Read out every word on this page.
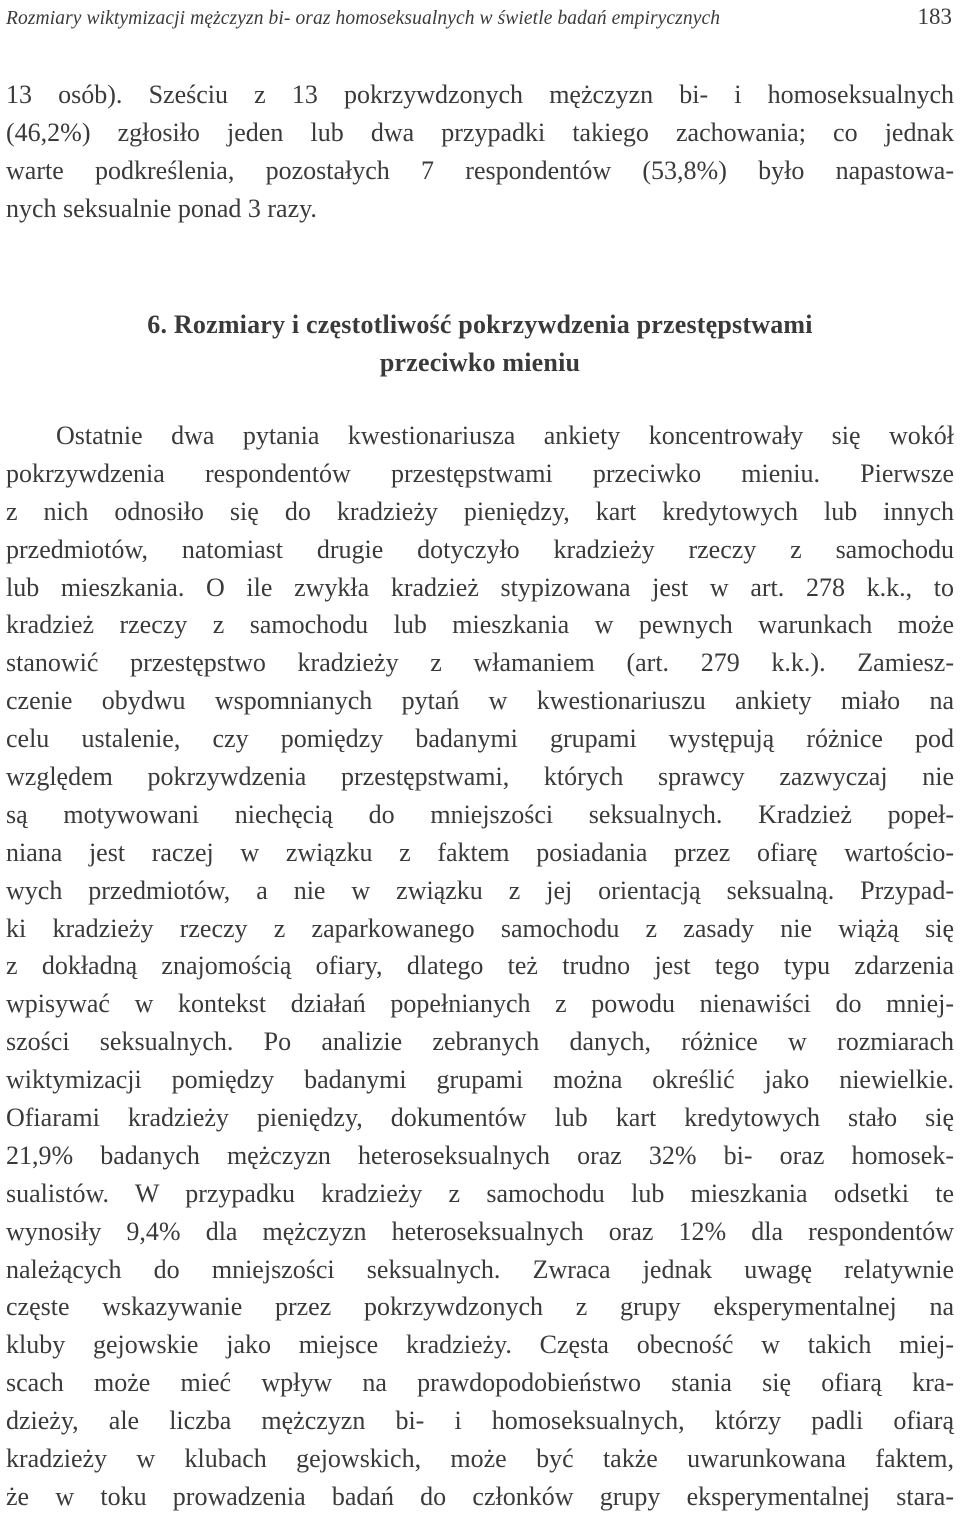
Rozmiary wiktymizacji mężczyzn bi- oraz homoseksualnych w świetle badań empirycznych	183
13 osób). Sześciu z 13 pokrzywdzonych mężczyzn bi- i homoseksualnych
(46,2%) zgłosiło jeden lub dwa przypadki takiego zachowania; co jednak
warte podkreślenia, pozostałych 7 respondentów (53,8%) było napastowa-
nych seksualnie ponad 3 razy.
6. Rozmiary i częstotliwość pokrzywdzenia przestępstwami
przeciwko mieniu
Ostatnie dwa pytania kwestionariusza ankiety koncentrowały się wokół
pokrzywdzenia respondentów przestępstwami przeciwko mieniu. Pierwsze
z nich odnosiło się do kradzieży pieniędzy, kart kredytowych lub innych
przedmiotów, natomiast drugie dotyczyło kradzieży rzeczy z samochodu
lub mieszkania. O ile zwykła kradzież stypizowana jest w art. 278 k.k., to
kradzież rzeczy z samochodu lub mieszkania w pewnych warunkach może
stanowić przestępstwo kradzieży z włamaniem (art. 279 k.k.). Zamiesz-
czenie obydwu wspomnianych pytań w kwestionariuszu ankiety miało na
celu ustalenie, czy pomiędzy badanymi grupami występują różnice pod
względem pokrzywdzenia przestępstwami, których sprawcy zazwyczaj nie
są motywowani niechęcią do mniejszości seksualnych. Kradzież popeł-
niana jest raczej w związku z faktem posiadania przez ofiarę wartościo-
wych przedmiotów, a nie w związku z jej orientacją seksualną. Przypad-
ki kradzieży rzeczy z zaparkowanego samochodu z zasady nie wiążą się
z dokładną znajomością ofiary, dlatego też trudno jest tego typu zdarzenia
wpisywać w kontekst działań popełnianych z powodu nienawiści do mniej-
szości seksualnych. Po analizie zebranych danych, różnice w rozmiarach
wiktymizacji pomiędzy badanymi grupami można określić jako niewielkie.
Ofiarami kradzieży pieniędzy, dokumentów lub kart kredytowych stało się
21,9% badanych mężczyzn heteroseksualnych oraz 32% bi- oraz homosek-
sualistów. W przypadku kradzieży z samochodu lub mieszkania odsetki te
wynosiły 9,4% dla mężczyzn heteroseksualnych oraz 12% dla respondentów
należących do mniejszości seksualnych. Zwraca jednak uwagę relatywnie
częste wskazywanie przez pokrzywdzonych z grupy eksperymentalnej na
kluby gejowskie jako miejsce kradzieży. Częsta obecność w takich miej-
scach może mieć wpływ na prawdopodobieństwo stania się ofiarą kra-
dzieży, ale liczba mężczyzn bi- i homoseksualnych, którzy padli ofiarą
kradzieży w klubach gejowskich, może być także uwarunkowana faktem,
że w toku prowadzenia badań do członków grupy eksperymentalnej stara-
